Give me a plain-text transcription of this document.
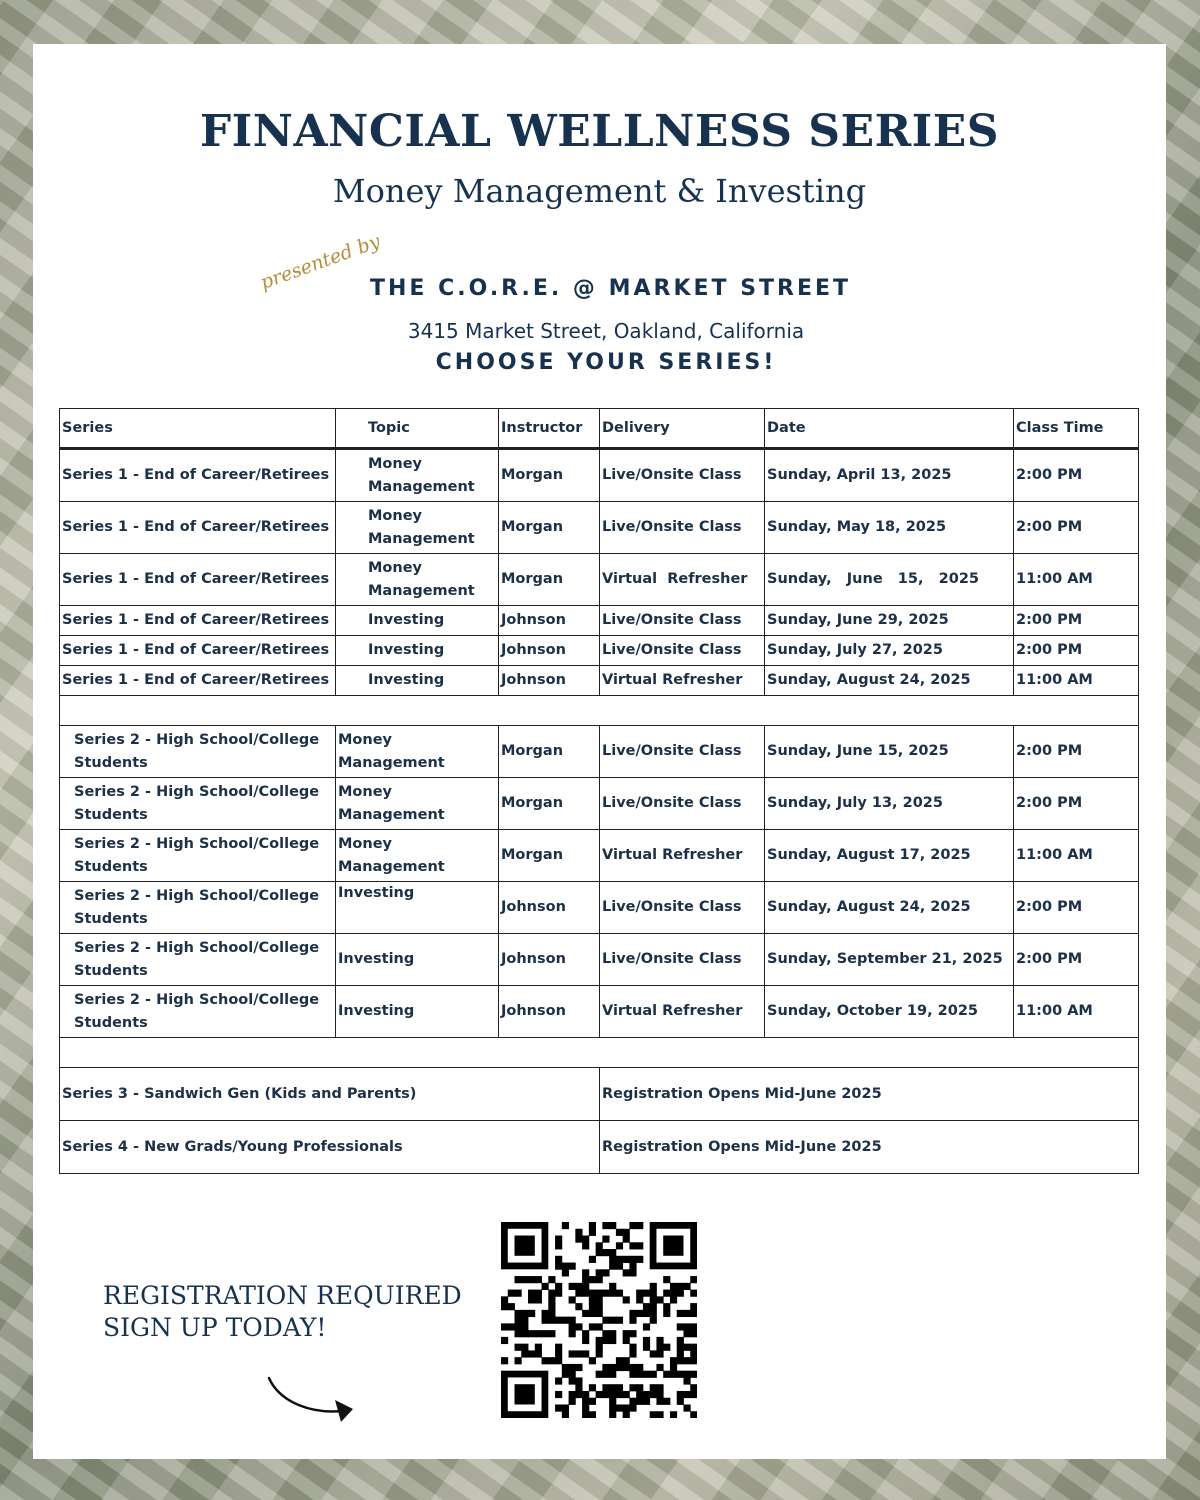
FINANCIAL WELLNESS SERIES
Money Management & Investing
presented by
THE C.O.R.E. @ MARKET STREET
3415 Market Street, Oakland, California
CHOOSE YOUR SERIES!
Series	Topic	Instructor	Delivery	Date	Class Time
Series 1 - End of Career/Retirees	Money Management	Morgan	Live/Onsite Class	Sunday, April 13, 2025	2:00 PM
Series 1 - End of Career/Retirees	Money Management	Morgan	Live/Onsite Class	Sunday, May 18, 2025	2:00 PM
Series 1 - End of Career/Retirees	Money Management	Morgan	Virtual  Refresher	Sunday,   June   15,   2025	11:00 AM
Series 1 - End of Career/Retirees	Investing	Johnson	Live/Onsite Class	Sunday, June 29, 2025	2:00 PM
Series 1 - End of Career/Retirees	Investing	Johnson	Live/Onsite Class	Sunday, July 27, 2025	2:00 PM
Series 1 - End of Career/Retirees	Investing	Johnson	Virtual Refresher	Sunday, August 24, 2025	11:00 AM

Series 2 - High School/College Students	Money Management	Morgan	Live/Onsite Class	Sunday, June 15, 2025	2:00 PM
Series 2 - High School/College Students	Money Management	Morgan	Live/Onsite Class	Sunday, July 13, 2025	2:00 PM
Series 2 - High School/College Students	Money Management	Morgan	Virtual Refresher	Sunday, August 17, 2025	11:00 AM
Series 2 - High School/College Students	Investing	Johnson	Live/Onsite Class	Sunday, August 24, 2025	2:00 PM
Series 2 - High School/College Students	Investing	Johnson	Live/Onsite Class	Sunday, September 21, 2025	2:00 PM
Series 2 - High School/College Students	Investing	Johnson	Virtual Refresher	Sunday, October 19, 2025	11:00 AM

Series 3 - Sandwich Gen (Kids and Parents)			Registration Opens Mid-June 2025		
Series 4 - New Grads/Young Professionals			Registration Opens Mid-June 2025		
REGISTRATION REQUIRED
SIGN UP TODAY!
